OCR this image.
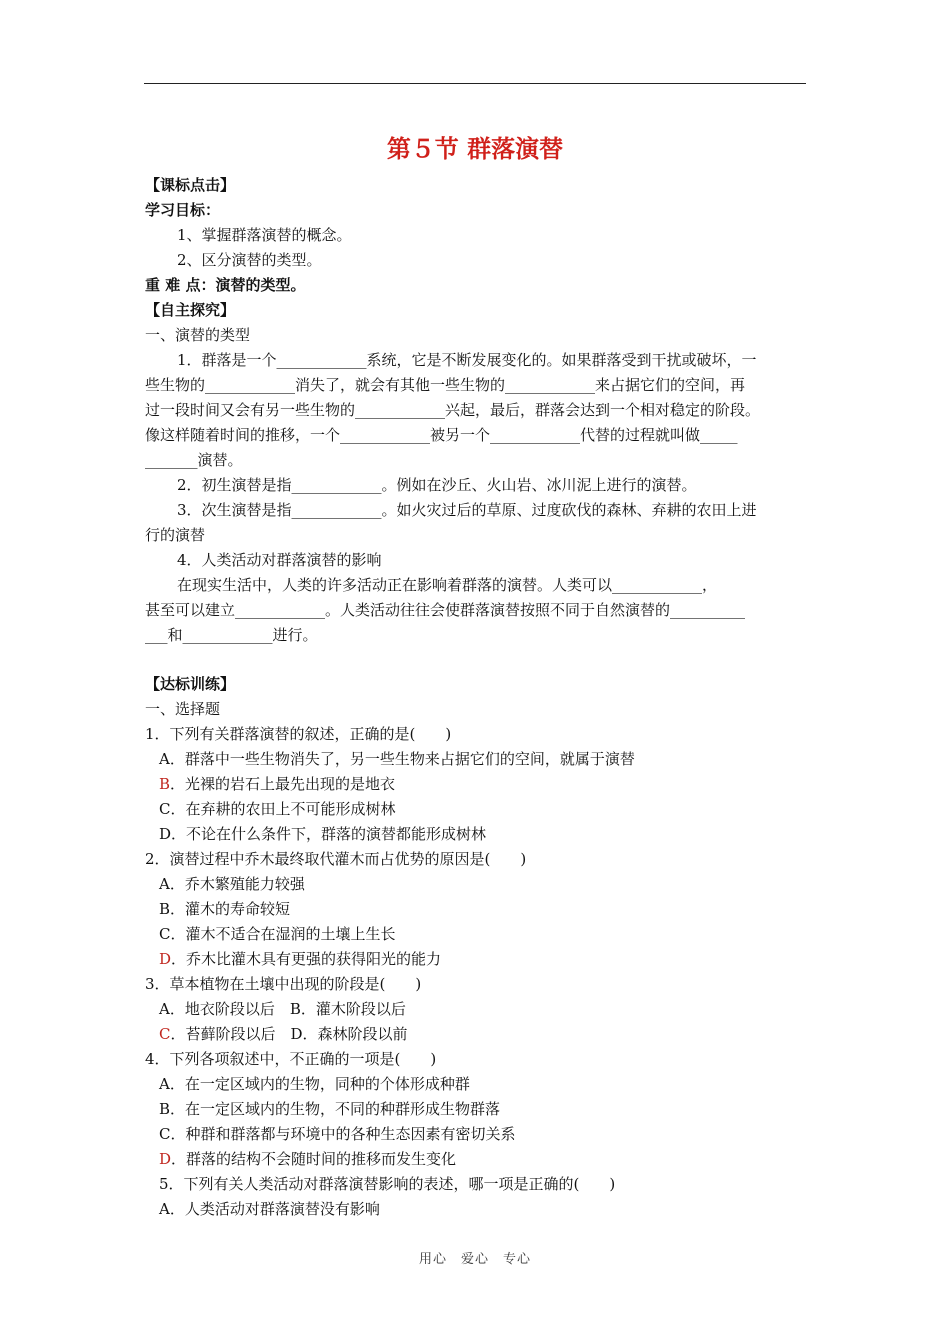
第５节 群落演替
【课标点击】
学习目标：
1、掌握群落演替的概念。
2、区分演替的类型。
重 难 点：演替的类型。
【自主探究】
一、演替的类型
1．群落是一个____________系统，它是不断发展变化的。如果群落受到干扰或破坏，一
些生物的____________消失了，就会有其他一些生物的____________来占据它们的空间，再
过一段时间又会有另一些生物的____________兴起，最后，群落会达到一个相对稳定的阶段。
像这样随着时间的推移，一个____________被另一个____________代替的过程就叫做_____
_______演替。
2．初生演替是指____________。例如在沙丘、火山岩、冰川泥上进行的演替。
3．次生演替是指____________。如火灾过后的草原、过度砍伐的森林、弃耕的农田上进
行的演替
4．人类活动对群落演替的影响
在现实生活中，人类的许多活动正在影响着群落的演替。人类可以____________，
甚至可以建立____________。人类活动往往会使群落演替按照不同于自然演替的__________
___和____________进行。
【达标训练】
一、选择题
1．下列有关群落演替的叙述，正确的是(　　)
A．群落中一些生物消失了，另一些生物来占据它们的空间，就属于演替
B．光裸的岩石上最先出现的是地衣
C．在弃耕的农田上不可能形成树林
D．不论在什么条件下，群落的演替都能形成树林
2．演替过程中乔木最终取代灌木而占优势的原因是(　　)
A．乔木繁殖能力较强
B．灌木的寿命较短
C．灌木不适合在湿润的土壤上生长
D．乔木比灌木具有更强的获得阳光的能力
3．草本植物在土壤中出现的阶段是(　　)
A．地衣阶段以后　B．灌木阶段以后
C．苔藓阶段以后　D．森林阶段以前
4．下列各项叙述中，不正确的一项是(　　)
A．在一定区域内的生物，同种的个体形成种群
B．在一定区域内的生物，不同的种群形成生物群落
C．种群和群落都与环境中的各种生态因素有密切关系
D．群落的结构不会随时间的推移而发生变化
5．下列有关人类活动对群落演替影响的表述，哪一项是正确的(　　)
A．人类活动对群落演替没有影响
用心　爱心　专心
